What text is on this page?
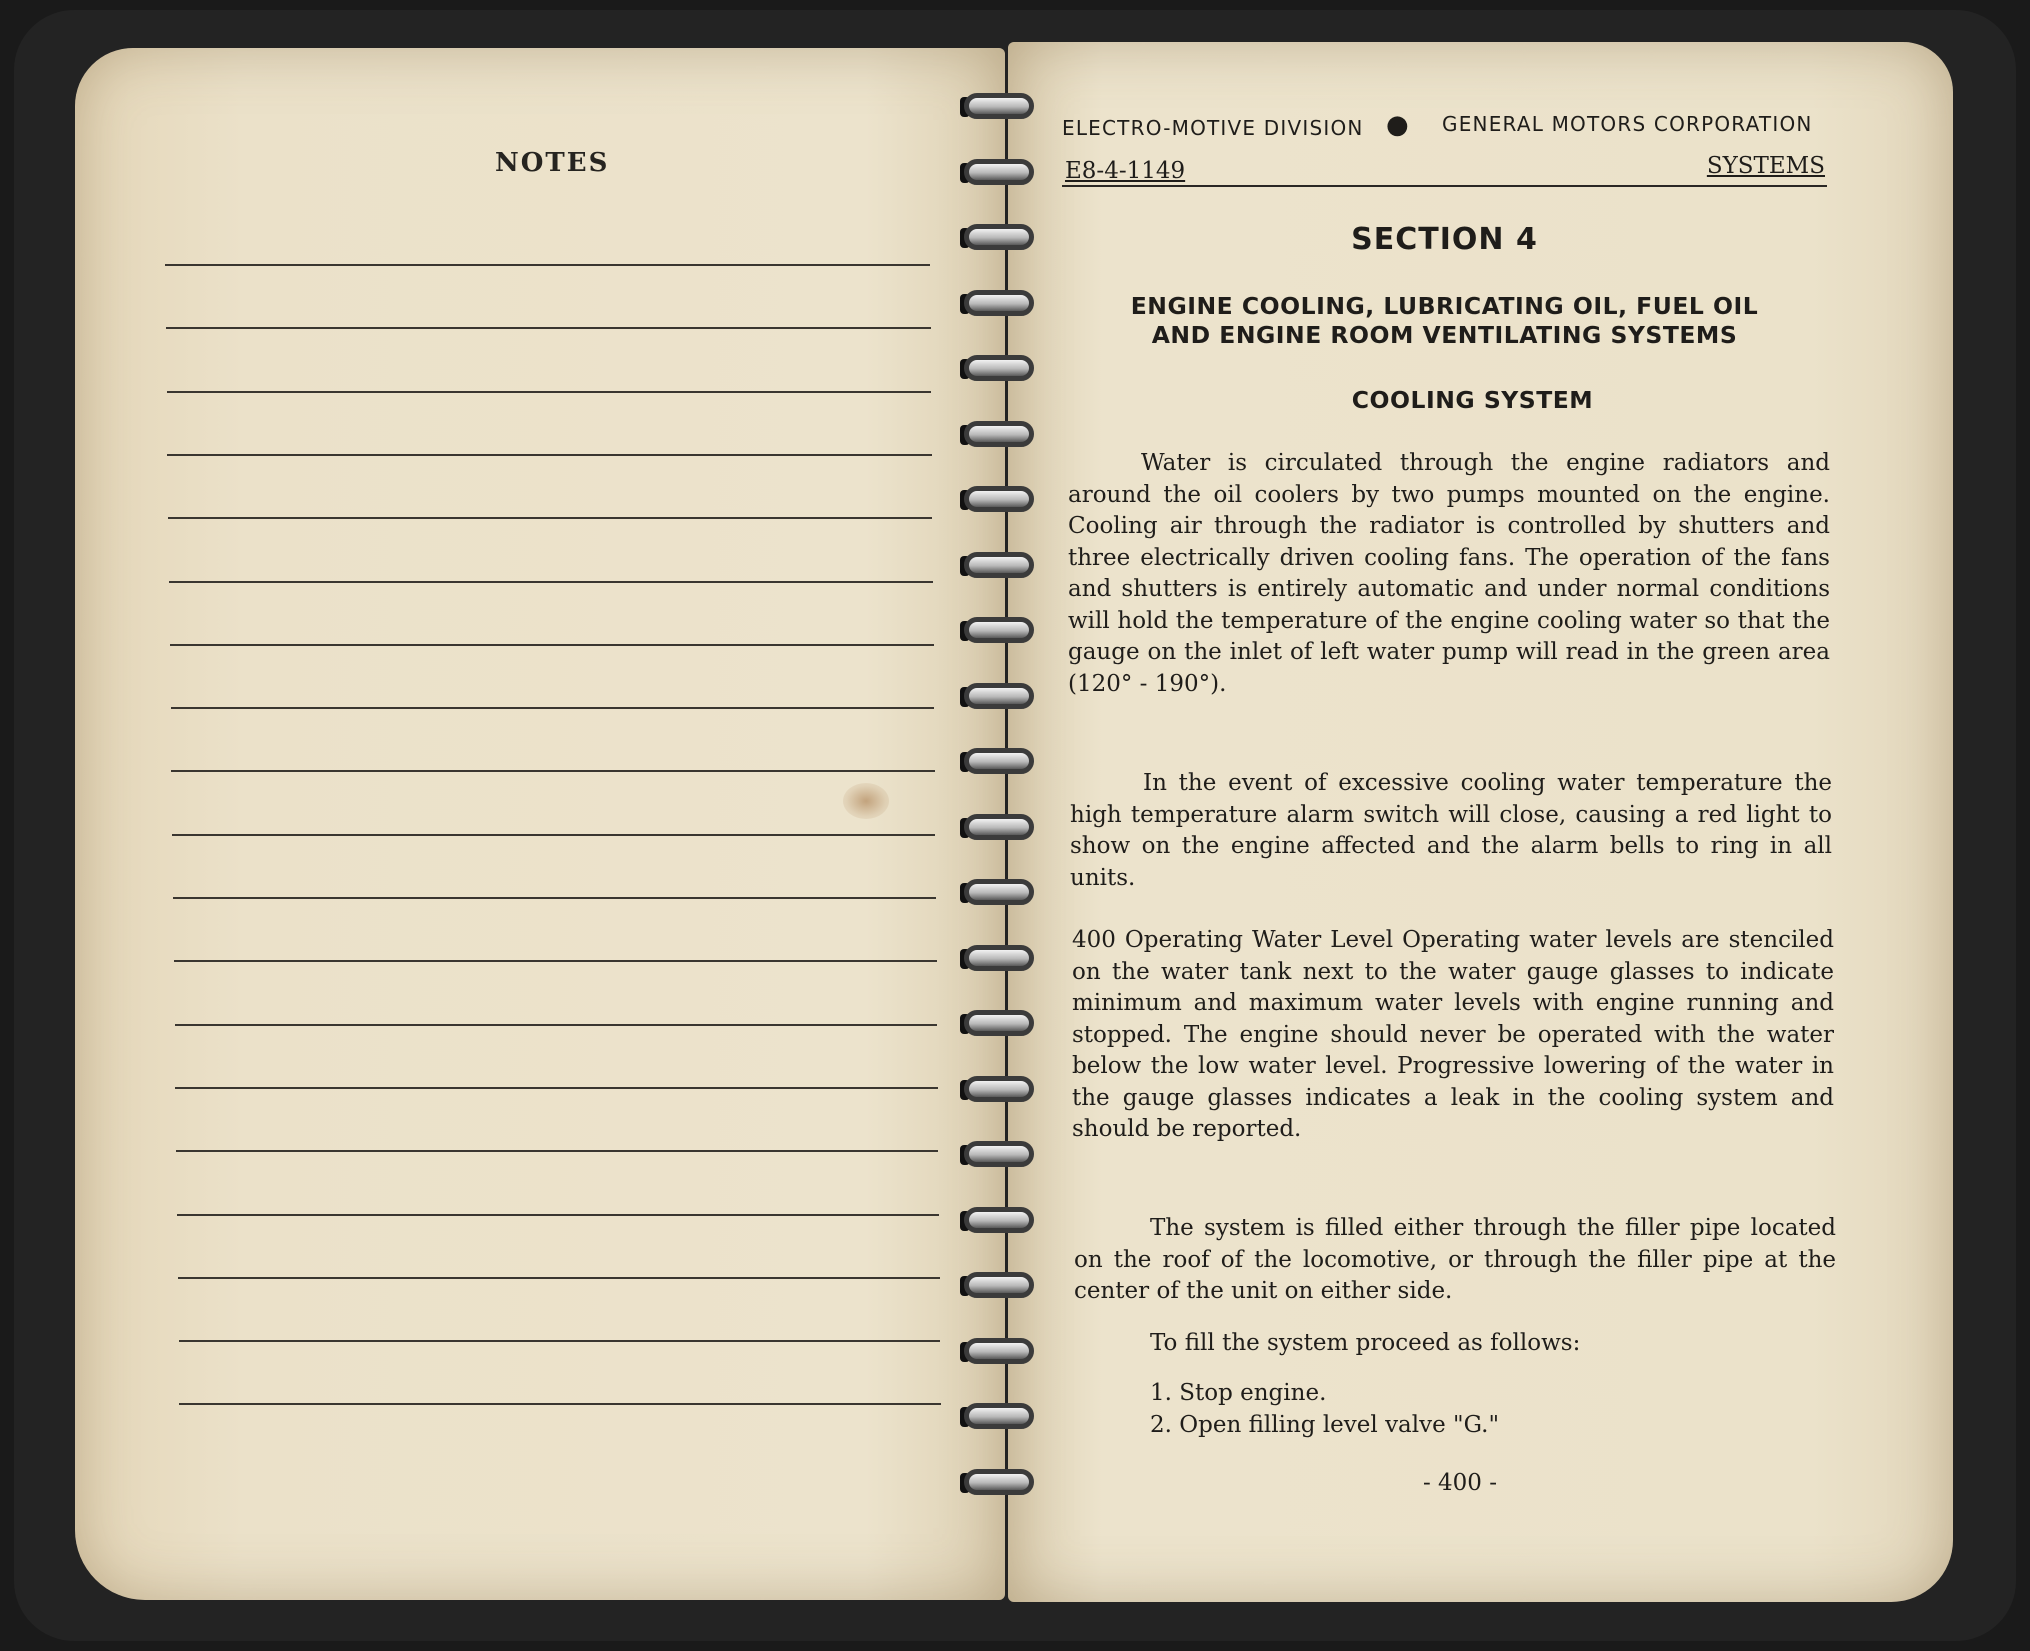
NOTES
ELECTRO-MOTIVE DIVISION ● GENERAL MOTORS CORPORATION
E8-4-1149	SYSTEMS
SECTION 4
ENGINE COOLING, LUBRICATING OIL, FUEL OIL
AND ENGINE ROOM VENTILATING SYSTEMS
COOLING SYSTEM
Water is circulated through the engine radiators and around the oil coolers by two pumps mounted on the engine. Cooling air through the radiator is controlled by shutters and three electrically driven cooling fans. The operation of the fans and shutters is entirely automatic and under normal conditions will hold the temperature of the engine cooling water so that the gauge on the inlet of left water pump will read in the green area (120° - 190°).
In the event of excessive cooling water temperature the high temperature alarm switch will close, causing a red light to show on the engine affected and the alarm bells to ring in all units.
400 Operating Water Level Operating water levels are stenciled on the water tank next to the water gauge glasses to indicate minimum and maximum water levels with engine running and stopped. The engine should never be operated with the water below the low water level. Progressive lowering of the water in the gauge glasses indicates a leak in the cooling system and should be reported.
The system is filled either through the filler pipe located on the roof of the locomotive, or through the filler pipe at the center of the unit on either side.
To fill the system proceed as follows:
1. Stop engine.
2. Open filling level valve "G."
- 400 -
